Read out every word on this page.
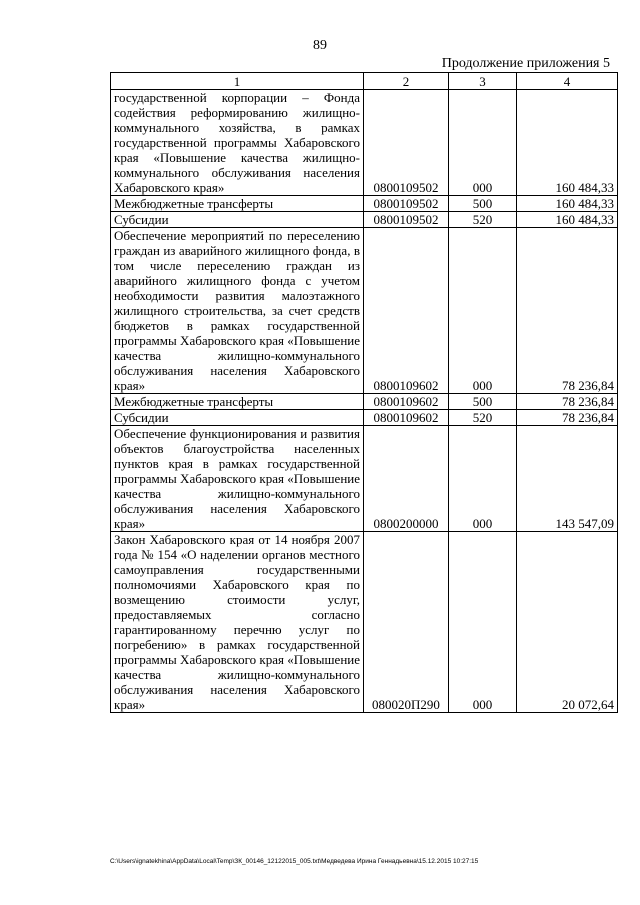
89
Продолжение приложения 5
1	2	3	4
государственной корпорации – Фонда содействия реформированию жилищно-коммунального хозяйства, в рамках государственной программы Хабаровского края «Повышение качества жилищно-коммунального обслуживания населения Хабаровского края»	0800109502	000	160 484,33
Межбюджетные трансферты	0800109502	500	160 484,33
Субсидии	0800109502	520	160 484,33
Обеспечение мероприятий по переселению граждан из аварийного жилищного фонда, в том числе переселению граждан из аварийного жилищного фонда с учетом необходимости развития малоэтажного жилищного строительства, за счет средств бюджетов в рамках государственной программы Хабаровского края «Повышение качества жилищно-коммунального обслуживания населения Хабаровского края»	0800109602	000	78 236,84
Межбюджетные трансферты	0800109602	500	78 236,84
Субсидии	0800109602	520	78 236,84
Обеспечение функционирования и развития объектов благоустройства населенных пунктов края в рамках государственной программы Хабаровского края «Повышение качества жилищно-коммунального обслуживания населения Хабаровского края»	0800200000	000	143 547,09
Закон Хабаровского края от 14 ноября 2007 года № 154 «О наделении органов местного самоуправления государственными полномочиями Хабаровского края по возмещению стоимости услуг, предоставляемых согласно гарантированному перечню услуг по погребению» в рамках государственной программы Хабаровского края «Повышение качества жилищно-коммунального обслуживания населения Хабаровского края»	080020П290	000	20 072,64
C:\Users\ignatekhina\AppData\Local\Temp\ЗК_00146_12122015_005.txt\Медведева Ирина Геннадьевна\15.12.2015 10:27:15
